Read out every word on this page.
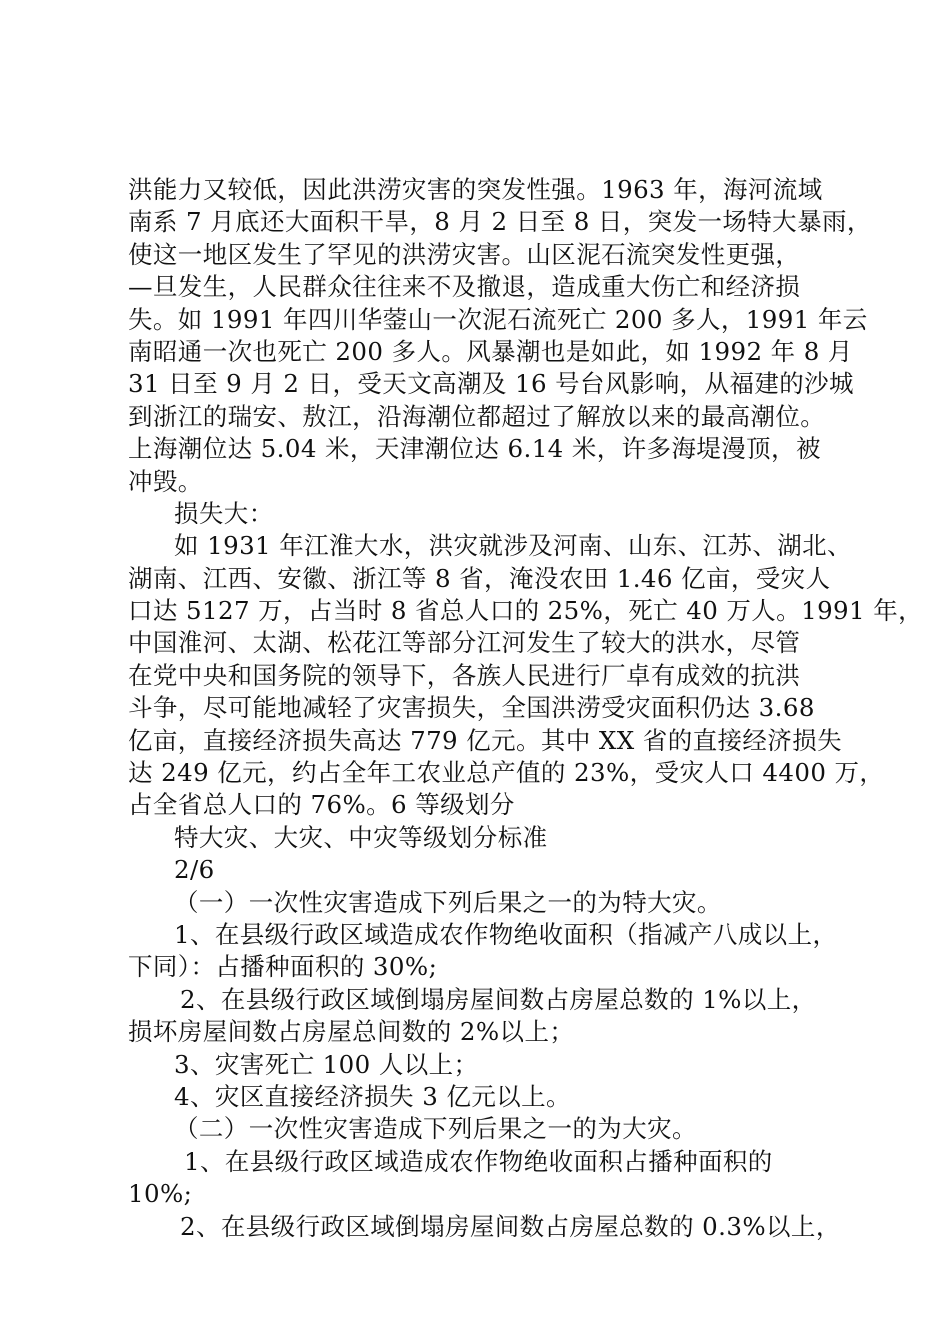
洪能力又较低，因此洪涝灾害的突发性强。1963 年，海河流域
南系 7 月底还大面积干旱，8 月 2 日至 8 日，突发一场特大暴雨，
使这一地区发生了罕见的洪涝灾害。山区泥石流突发性更强，
—旦发生，人民群众往往来不及撤退，造成重大伤亡和经济损
失。如 1991 年四川华蓥山一次泥石流死亡 200 多人，1991 年云
南昭通一次也死亡 200 多人。风暴潮也是如此，如 1992 年 8 月
31 日至 9 月 2 日，受天文高潮及 16 号台风影响，从福建的沙城
到浙江的瑞安、敖江，沿海潮位都超过了解放以来的最高潮位。
上海潮位达 5.04 米，天津潮位达 6.14 米，许多海堤漫顶，被
冲毁。
损失大：
如 1931 年江淮大水，洪灾就涉及河南、山东、江苏、湖北、
湖南、江西、安徽、浙江等 8 省，淹没农田 1.46 亿亩，受灾人
口达 5127 万，占当时 8 省总人口的 25%，死亡 40 万人。1991 年，
中国淮河、太湖、松花江等部分江河发生了较大的洪水，尽管
在党中央和国务院的领导下，各族人民进行厂卓有成效的抗洪
斗争，尽可能地减轻了灾害损失，全国洪涝受灾面积仍达 3.68
亿亩，直接经济损失高达 779 亿元。其中 XX 省的直接经济损失
达 249 亿元，约占全年工农业总产值的 23%，受灾人口 4400 万，
占全省总人口的 76%。6 等级划分
特大灾、大灾、中灾等级划分标准
2/6
（一）一次性灾害造成下列后果之一的为特大灾。
1、在县级行政区域造成农作物绝收面积（指减产八成以上，
下同）：占播种面积的 30%;
2、在县级行政区域倒塌房屋间数占房屋总数的 1%以上，
损坏房屋间数占房屋总间数的 2%以上；
3、灾害死亡 100 人以上；
4、灾区直接经济损失 3 亿元以上。
（二）一次性灾害造成下列后果之一的为大灾。
1、在县级行政区域造成农作物绝收面积占播种面积的
10%;
2、在县级行政区域倒塌房屋间数占房屋总数的 0.3%以上，
